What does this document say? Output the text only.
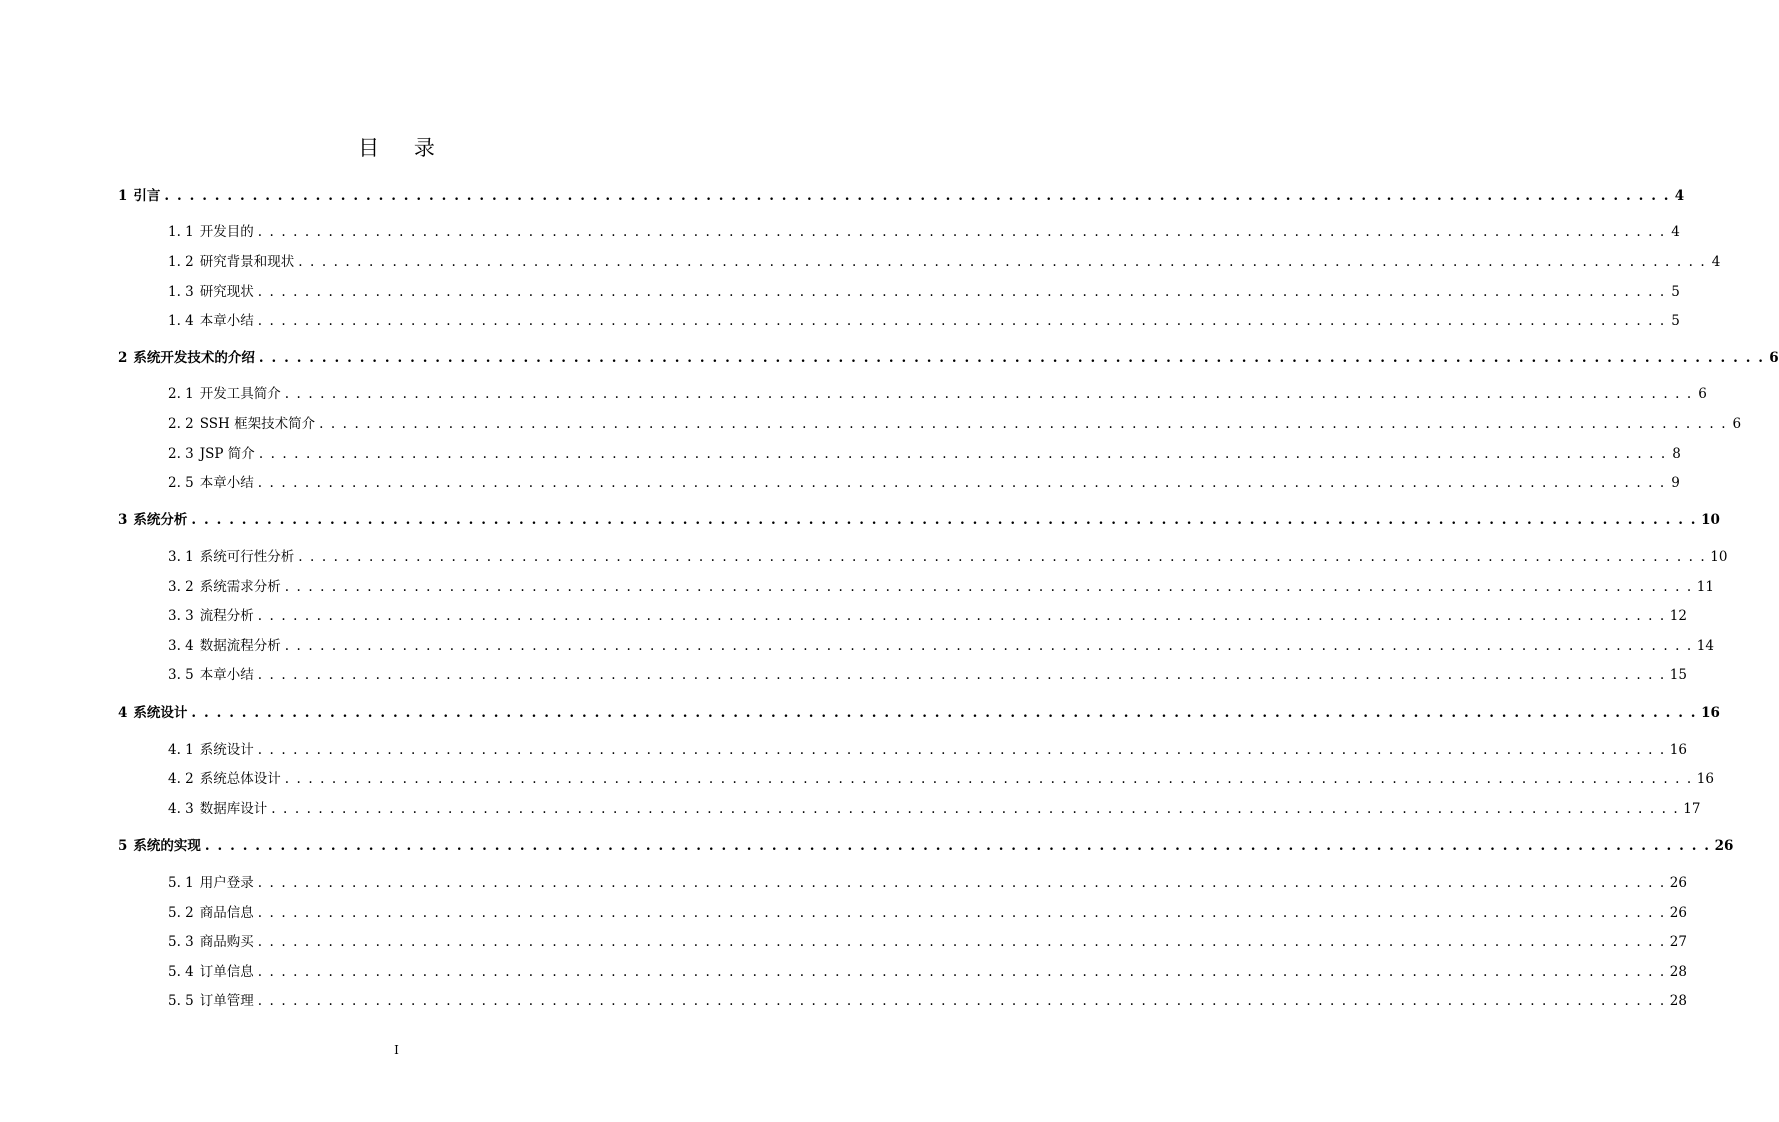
目 录
1 引言 . . . . . . . . . . . . . . . . . . . . . . . . . . . . . . . . . . . . . . . . . . . . . . . . . . . . . . . . . . . . . . . . . . . . . . . . . . . . . . . . . . . . . . . . . . . . . . . . . . . . . . . . . . . . . . . . . . . . . . . . 4
1. 1 开发目的 . . . . . . . . . . . . . . . . . . . . . . . . . . . . . . . . . . . . . . . . . . . . . . . . . . . . . . . . . . . . . . . . . . . . . . . . . . . . . . . . . . . . . . . . . . . . . . . . . . . . . . . . . . . . . . . . . . . . . . . . 4
1. 2 研究背景和现状 . . . . . . . . . . . . . . . . . . . . . . . . . . . . . . . . . . . . . . . . . . . . . . . . . . . . . . . . . . . . . . . . . . . . . . . . . . . . . . . . . . . . . . . . . . . . . . . . . . . . . . . . . . . . . . . . . . . . . . . . 4
1. 3 研究现状 . . . . . . . . . . . . . . . . . . . . . . . . . . . . . . . . . . . . . . . . . . . . . . . . . . . . . . . . . . . . . . . . . . . . . . . . . . . . . . . . . . . . . . . . . . . . . . . . . . . . . . . . . . . . . . . . . . . . . . . . 5
1. 4 本章小结 . . . . . . . . . . . . . . . . . . . . . . . . . . . . . . . . . . . . . . . . . . . . . . . . . . . . . . . . . . . . . . . . . . . . . . . . . . . . . . . . . . . . . . . . . . . . . . . . . . . . . . . . . . . . . . . . . . . . . . . . 5
2 系统开发技术的介绍 . . . . . . . . . . . . . . . . . . . . . . . . . . . . . . . . . . . . . . . . . . . . . . . . . . . . . . . . . . . . . . . . . . . . . . . . . . . . . . . . . . . . . . . . . . . . . . . . . . . . . . . . . . . . . . . . . . . . . . . . 6
2. 1 开发工具简介 . . . . . . . . . . . . . . . . . . . . . . . . . . . . . . . . . . . . . . . . . . . . . . . . . . . . . . . . . . . . . . . . . . . . . . . . . . . . . . . . . . . . . . . . . . . . . . . . . . . . . . . . . . . . . . . . . . . . . . . . 6
2. 2 SSH 框架技术简介 . . . . . . . . . . . . . . . . . . . . . . . . . . . . . . . . . . . . . . . . . . . . . . . . . . . . . . . . . . . . . . . . . . . . . . . . . . . . . . . . . . . . . . . . . . . . . . . . . . . . . . . . . . . . . . . . . . . . . . . . 6
2. 3 JSP 简介 . . . . . . . . . . . . . . . . . . . . . . . . . . . . . . . . . . . . . . . . . . . . . . . . . . . . . . . . . . . . . . . . . . . . . . . . . . . . . . . . . . . . . . . . . . . . . . . . . . . . . . . . . . . . . . . . . . . . . . . . 8
2. 5 本章小结 . . . . . . . . . . . . . . . . . . . . . . . . . . . . . . . . . . . . . . . . . . . . . . . . . . . . . . . . . . . . . . . . . . . . . . . . . . . . . . . . . . . . . . . . . . . . . . . . . . . . . . . . . . . . . . . . . . . . . . . . 9
3 系统分析 . . . . . . . . . . . . . . . . . . . . . . . . . . . . . . . . . . . . . . . . . . . . . . . . . . . . . . . . . . . . . . . . . . . . . . . . . . . . . . . . . . . . . . . . . . . . . . . . . . . . . . . . . . . . . . . . . . . . . . . . 10
3. 1 系统可行性分析 . . . . . . . . . . . . . . . . . . . . . . . . . . . . . . . . . . . . . . . . . . . . . . . . . . . . . . . . . . . . . . . . . . . . . . . . . . . . . . . . . . . . . . . . . . . . . . . . . . . . . . . . . . . . . . . . . . . . . . . . 10
3. 2 系统需求分析 . . . . . . . . . . . . . . . . . . . . . . . . . . . . . . . . . . . . . . . . . . . . . . . . . . . . . . . . . . . . . . . . . . . . . . . . . . . . . . . . . . . . . . . . . . . . . . . . . . . . . . . . . . . . . . . . . . . . . . . . 11
3. 3 流程分析 . . . . . . . . . . . . . . . . . . . . . . . . . . . . . . . . . . . . . . . . . . . . . . . . . . . . . . . . . . . . . . . . . . . . . . . . . . . . . . . . . . . . . . . . . . . . . . . . . . . . . . . . . . . . . . . . . . . . . . . . 12
3. 4 数据流程分析 . . . . . . . . . . . . . . . . . . . . . . . . . . . . . . . . . . . . . . . . . . . . . . . . . . . . . . . . . . . . . . . . . . . . . . . . . . . . . . . . . . . . . . . . . . . . . . . . . . . . . . . . . . . . . . . . . . . . . . . . 14
3. 5 本章小结 . . . . . . . . . . . . . . . . . . . . . . . . . . . . . . . . . . . . . . . . . . . . . . . . . . . . . . . . . . . . . . . . . . . . . . . . . . . . . . . . . . . . . . . . . . . . . . . . . . . . . . . . . . . . . . . . . . . . . . . . 15
4 系统设计 . . . . . . . . . . . . . . . . . . . . . . . . . . . . . . . . . . . . . . . . . . . . . . . . . . . . . . . . . . . . . . . . . . . . . . . . . . . . . . . . . . . . . . . . . . . . . . . . . . . . . . . . . . . . . . . . . . . . . . . . 16
4. 1 系统设计 . . . . . . . . . . . . . . . . . . . . . . . . . . . . . . . . . . . . . . . . . . . . . . . . . . . . . . . . . . . . . . . . . . . . . . . . . . . . . . . . . . . . . . . . . . . . . . . . . . . . . . . . . . . . . . . . . . . . . . . . 16
4. 2 系统总体设计 . . . . . . . . . . . . . . . . . . . . . . . . . . . . . . . . . . . . . . . . . . . . . . . . . . . . . . . . . . . . . . . . . . . . . . . . . . . . . . . . . . . . . . . . . . . . . . . . . . . . . . . . . . . . . . . . . . . . . . . . 16
4. 3 数据库设计 . . . . . . . . . . . . . . . . . . . . . . . . . . . . . . . . . . . . . . . . . . . . . . . . . . . . . . . . . . . . . . . . . . . . . . . . . . . . . . . . . . . . . . . . . . . . . . . . . . . . . . . . . . . . . . . . . . . . . . . . 17
5 系统的实现 . . . . . . . . . . . . . . . . . . . . . . . . . . . . . . . . . . . . . . . . . . . . . . . . . . . . . . . . . . . . . . . . . . . . . . . . . . . . . . . . . . . . . . . . . . . . . . . . . . . . . . . . . . . . . . . . . . . . . . . . 26
5. 1 用户登录 . . . . . . . . . . . . . . . . . . . . . . . . . . . . . . . . . . . . . . . . . . . . . . . . . . . . . . . . . . . . . . . . . . . . . . . . . . . . . . . . . . . . . . . . . . . . . . . . . . . . . . . . . . . . . . . . . . . . . . . . 26
5. 2 商品信息 . . . . . . . . . . . . . . . . . . . . . . . . . . . . . . . . . . . . . . . . . . . . . . . . . . . . . . . . . . . . . . . . . . . . . . . . . . . . . . . . . . . . . . . . . . . . . . . . . . . . . . . . . . . . . . . . . . . . . . . . 26
5. 3 商品购买 . . . . . . . . . . . . . . . . . . . . . . . . . . . . . . . . . . . . . . . . . . . . . . . . . . . . . . . . . . . . . . . . . . . . . . . . . . . . . . . . . . . . . . . . . . . . . . . . . . . . . . . . . . . . . . . . . . . . . . . . 27
5. 4 订单信息 . . . . . . . . . . . . . . . . . . . . . . . . . . . . . . . . . . . . . . . . . . . . . . . . . . . . . . . . . . . . . . . . . . . . . . . . . . . . . . . . . . . . . . . . . . . . . . . . . . . . . . . . . . . . . . . . . . . . . . . . 28
5. 5 订单管理 . . . . . . . . . . . . . . . . . . . . . . . . . . . . . . . . . . . . . . . . . . . . . . . . . . . . . . . . . . . . . . . . . . . . . . . . . . . . . . . . . . . . . . . . . . . . . . . . . . . . . . . . . . . . . . . . . . . . . . . . 28
I
